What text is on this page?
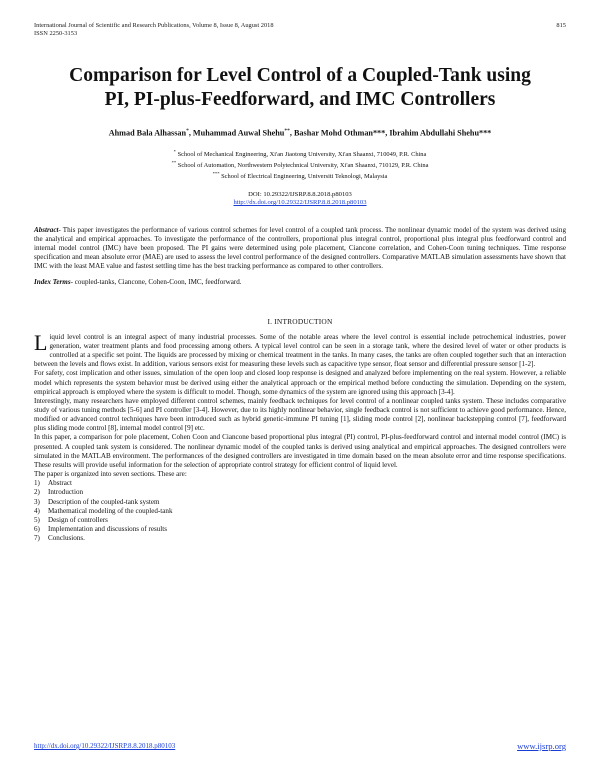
International Journal of Scientific and Research Publications, Volume 8, Issue 8, August 2018	815
ISSN 2250-3153
Comparison for Level Control of a Coupled-Tank using
PI, PI-plus-Feedforward, and IMC Controllers
Ahmad Bala Alhassan*, Muhammad Auwal Shehu**, Bashar Mohd Othman***, Ibrahim Abdullahi Shehu***
* School of Mechanical Engineering, Xi'an Jiaotong University, Xi'an Shaanxi, 710049, P.R. China
** School of Automation, Northwestern Polytechnical University, Xi'an Shaanxi, 710129, P.R. China
*** School of Electrical Engineering, Universiti Teknologi, Malaysia
DOI: 10.29322/IJSRP.8.8.2018.p80103
http://dx.doi.org/10.29322/IJSRP.8.8.2018.p80103
Abstract- This paper investigates the performance of various control schemes for level control of a coupled tank process. The nonlinear dynamic model of the system was derived using the analytical and empirical approaches. To investigate the performance of the controllers, proportional plus integral control, proportional plus integral plus feedforward control and internal model control (IMC) have been proposed. The PI gains were determined using pole placement, Ciancone correlation, and Cohen-Coon tuning techniques. Time response specification and mean absolute error (MAE) are used to assess the level control performance of the designed controllers. Comparative MATLAB simulation assessments have shown that IMC with the least MAE value and fastest settling time has the best tracking performance as compared to other controllers.
Index Terms- coupled-tanks, Ciancone, Cohen-Coon, IMC, feedforward.
I. INTRODUCTION

Liquid level control is an integral aspect of many industrial processes. Some of the notable areas where the level control is essential include petrochemical industries, power generation, water treatment plants and food processing among others. A typical level control can be seen in a storage tank, where the desired level of water or other products is controlled at a specific set point. The liquids are processed by mixing or chemical treatment in the tanks. In many cases, the tanks are often coupled together such that an interaction between the levels and flows exist. In addition, various sensors exist for measuring these levels such as capacitive type sensor, float sensor and differential pressure sensor [1-2].

For safety, cost implication and other issues, simulation of the open loop and closed loop response is designed and analyzed before implementing on the real system. However, a reliable model which represents the system behavior must be derived using either the analytical approach or the empirical method before conducting the simulation. Depending on the system, empirical approach is employed where the system is difficult to model. Though, some dynamics of the system are ignored using this approach [3-4].

Interestingly, many researchers have employed different control schemes, mainly feedback techniques for level control of a nonlinear coupled tanks system. These includes comparative study of various tuning methods [5-6] and PI controller [3-4]. However, due to its highly nonlinear behavior, single feedback control is not sufficient to achieve good performance. Hence, modified or advanced control techniques have been introduced such as hybrid genetic-immune PI tuning [1], sliding mode control [2], nonlinear backstepping control [7], feedforward plus sliding mode control [8], internal model control [9] etc.

In this paper, a comparison for pole placement, Cohen Coon and Ciancone based proportional plus integral (PI) control, PI-plus-feedforward control and internal model control (IMC) is presented. A coupled tank system is considered. The nonlinear dynamic model of the coupled tanks is derived using analytical and empirical approaches. The designed controllers were simulated in the MATLAB environment. The performances of the designed controllers are investigated in time domain based on the mean absolute error and time response specifications. These results will provide useful information for the selection of appropriate control strategy for efficient control of liquid level.

The paper is organized into seven sections. These are:

1)	Abstract
2)	Introduction
3)	Description of the coupled-tank system
4)	Mathematical modeling of the coupled-tank
5)	Design of controllers
6)	Implementation and discussions of results
7)	Conclusions.
http://dx.doi.org/10.29322/IJSRP.8.8.2018.p80103	www.ijsrp.org
